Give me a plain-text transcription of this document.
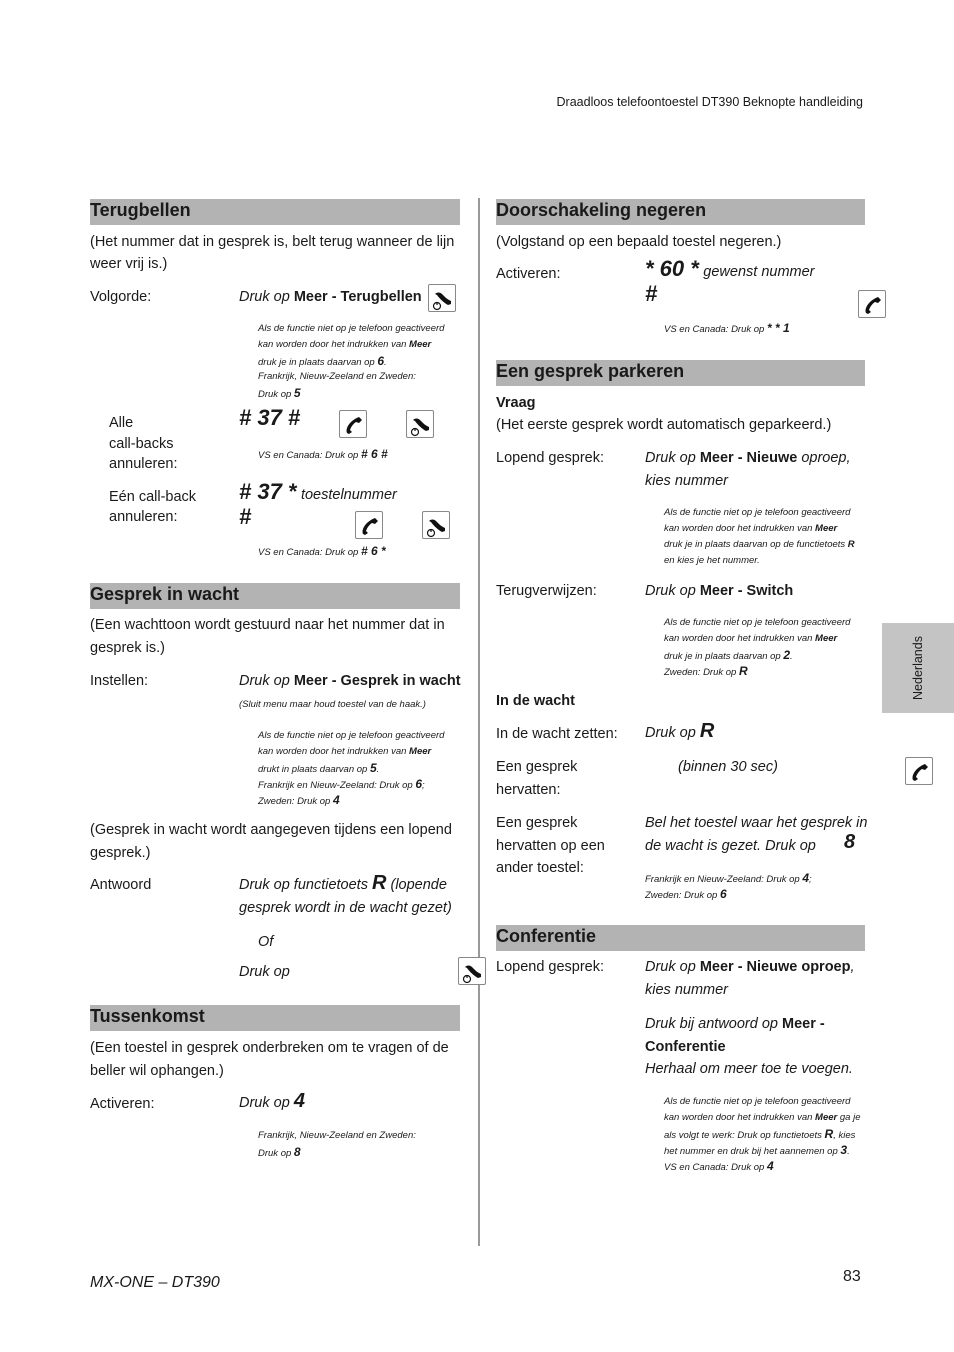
Draadloos telefoontoestel DT390 Beknopte handleiding
Nederlands
Terugbellen
(Het nummer dat in gesprek is, belt terug wanneer de lijn
weer vrij is.)
Volgorde:	Druk op Meer - Terugbellen

Als de functie niet op je telefoon geactiveerd
kan worden door het indrukken van Meer
druk je in plaats daarvan op 6.
Frankrijk, Nieuw-Zeeland en Zweden:
Druk op 5
Alle
call-backs
annuleren:
# 37 #

VS en Canada: Druk op # 6 #
Eén call-back
annuleren:
# 37 * toestelnummer
#

VS en Canada: Druk op # 6 *
Gesprek in wacht
(Een wachttoon wordt gestuurd naar het nummer dat in
gesprek is.)
Instellen:	Druk op Meer - Gesprek in wacht
(Sluit menu maar houd toestel van de haak.)
Als de functie niet op je telefoon geactiveerd
kan worden door het indrukken van Meer
drukt in plaats daarvan op 5.
Frankrijk en Nieuw-Zeeland: Druk op 6;
Zweden: Druk op 4
(Gesprek in wacht wordt aangegeven tijdens een lopend
gesprek.)
Antwoord	Druk op functietoets R (lopende
gesprek wordt in de wacht gezet)
Of
Druk op

Tussenkomst
(Een toestel in gesprek onderbreken om te vragen of de
beller wil ophangen.)
Activeren:	Druk op 4
Frankrijk, Nieuw-Zeeland en Zweden:
Druk op 8
Doorschakeling negeren
(Volgstand op een bepaald toestel negeren.)
Activeren:	* 60 * gewenst nummer
#

VS en Canada: Druk op * * 1
Een gesprek parkeren
Vraag
(Het eerste gesprek wordt automatisch geparkeerd.)
Lopend gesprek:	Druk op Meer - Nieuwe oproep,
kies nummer

Als de functie niet op je telefoon geactiveerd
kan worden door het indrukken van Meer
druk je in plaats daarvan op de functietoets R
en kies je het nummer.
Terugverwijzen:	Druk op Meer - Switch
Als de functie niet op je telefoon geactiveerd
kan worden door het indrukken van Meer
druk je in plaats daarvan op 2.
Zweden: Druk op R
In de wacht
In de wacht zetten: Druk op R
Een gesprek
hervatten:

(binnen 30 sec)
Een gesprek
hervatten op een
ander toestel:
Bel het toestel waar het gesprek in
de wacht is gezet. Druk op
8
Frankrijk en Nieuw-Zeeland: Druk op 4;
Zweden: Druk op 6
Conferentie
Lopend gesprek:	Druk op Meer - Nieuwe oproep,
kies nummer
Druk bij antwoord op Meer -
Conferentie
Herhaal om meer toe te voegen.
Als de functie niet op je telefoon geactiveerd
kan worden door het indrukken van Meer ga je
als volgt te werk: Druk op functietoets R, kies
het nummer en druk bij het aannemen op 3.
VS en Canada: Druk op 4
MX-ONE – DT390	83
